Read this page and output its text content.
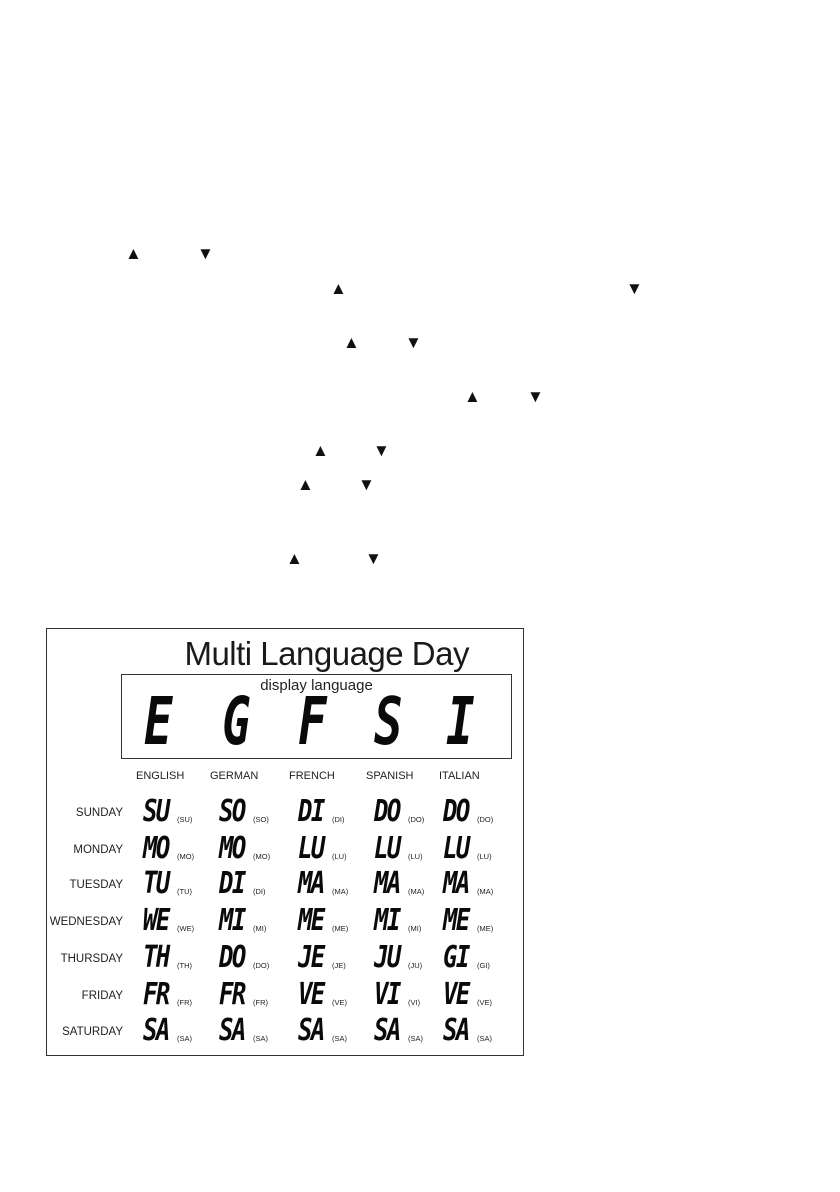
▲	▼
▲	▼
▲	▼
▲	▼
▲	▼
▲	▼
▲	▼
Multi Language Day
display language
E G F S I
ENGLISH GERMAN	FRENCH	SPANISH ITALIAN
SUNDAY SU (SU) SO (SO) DI (DI) DO (DO) DO (DO)
MONDAY MO (MO) MO (MO) LU (LU) LU (LU) LU (LU)
TUESDAY TU (TU) DI (DI) MA (MA) MA (MA) MA (MA)
WEDNESDAY WE (WE) MI (MI) ME (ME) MI (MI) ME (ME)
THURSDAY TH (TH) DO (DO) JE (JE) JU (JU) GI (GI)
FRIDAY FR (FR) FR (FR) VE (VE) VI (VI) VE (VE)
SATURDAY SA (SA) SA (SA) SA (SA) SA (SA) SA (SA)
